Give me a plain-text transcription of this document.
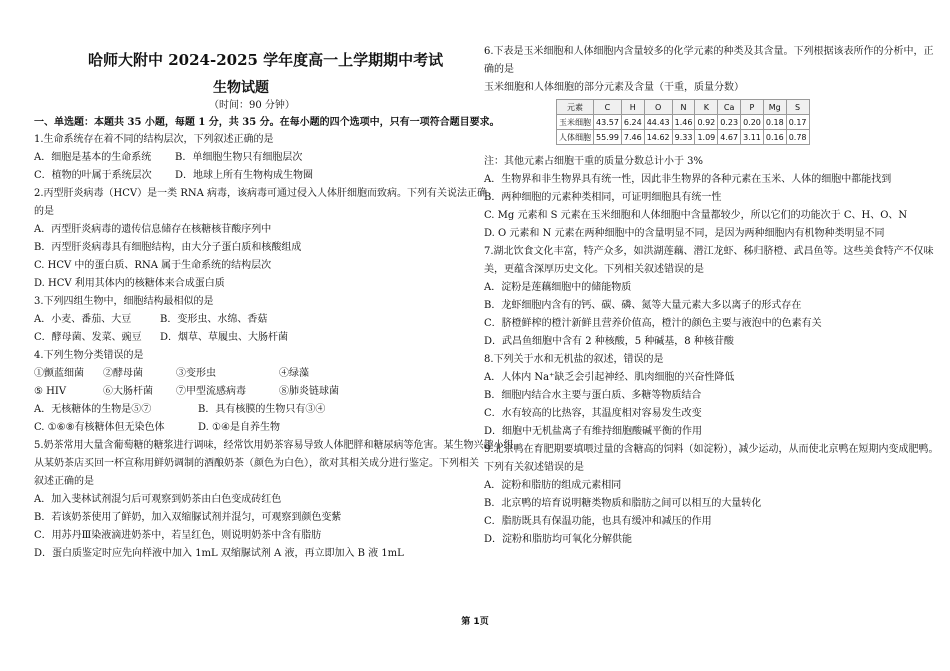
哈师大附中 2024-2025 学年度高一上学期期中考试
生物试题
（时间：90 分钟）
一、单选题：本题共 35 小题，每题 1 分，共 35 分。在每小题的四个选项中，只有一项符合题目要求。
1.生命系统存在着不同的结构层次，下列叙述正确的是
A．细胞是基本的生命系统 B．单细胞生物只有细胞层次
C．植物的叶属于系统层次 D．地球上所有生物构成生物圈
2.丙型肝炎病毒（HCV）是一类 RNA 病毒，该病毒可通过侵入人体肝细胞而致病。下列有关说法正确
的是
A．丙型肝炎病毒的遗传信息储存在核糖核苷酸序列中
B．丙型肝炎病毒具有细胞结构，由大分子蛋白质和核酸组成
C. HCV 中的蛋白质、RNA 属于生命系统的结构层次
D. HCV 利用其体内的核糖体来合成蛋白质
3.下列四组生物中，细胞结构最相似的是
A．小麦、番茄、大豆	B．变形虫、水绵、香菇
C．酵母菌、发菜、豌豆 D．烟草、草履虫、大肠杆菌
4.下列生物分类错误的是
①颤蓝细菌 ②酵母菌	③变形虫	④绿藻
⑤ HIV	⑥大肠杆菌 ⑦甲型流感病毒	⑧肺炎链球菌
A．无核糖体的生物是⑤⑦	B．具有核膜的生物只有③④
C. ①⑥⑧有核糖体但无染色体	D. ①④是自养生物
5.奶茶常用大量含葡萄糖的糖浆进行调味，经常饮用奶茶容易导致人体肥胖和糖尿病等危害。某生物兴趣小组
从某奶茶店买回一杯宣称用鲜奶调制的酒酿奶茶（颜色为白色），欲对其相关成分进行鉴定。下列相关
叙述正确的是
A．加入斐林试剂混匀后可观察到奶茶由白色变成砖红色
B．若该奶茶使用了鲜奶，加入双缩脲试剂并混匀，可观察到颜色变紫
C．用苏丹Ⅲ染液滴进奶茶中，若呈红色，则说明奶茶中含有脂肪
D．蛋白质鉴定时应先向样液中加入 1mL 双缩脲试剂 A 液，再立即加入 B 液 1mL
6.下表是玉米细胞和人体细胞内含量较多的化学元素的种类及其含量。下列根据该表所作的分析中，正
确的是
玉米细胞和人体细胞的部分元素及含量（干重，质量分数）
元素	C	H	O	N	K	Ca	P	Mg	S
玉米细胞	43.57	6.24	44.43	1.46	0.92	0.23	0.20	0.18	0.17
人体细胞	55.99	7.46	14.62	9.33	1.09	4.67	3.11	0.16	0.78
注：其他元素占细胞干重的质量分数总计小于 3%
A．生物界和非生物界具有统一性，因此非生物界的各种元素在玉米、人体的细胞中都能找到
B．两种细胞的元素种类相同，可证明细胞具有统一性
C. Mg 元素和 S 元素在玉米细胞和人体细胞中含量都较少，所以它们的功能次于 C、H、O、N
D. O 元素和 N 元素在两种细胞中的含量明显不同，是因为两种细胞内有机物种类明显不同
7.湖北饮食文化丰富，特产众多，如洪湖莲藕、潜江龙虾、秭归脐橙、武昌鱼等。这些美食特产不仅味
美，更蕴含深厚历史文化。下列相关叙述错误的是
A．淀粉是莲藕细胞中的储能物质
B．龙虾细胞内含有的钙、碳、磷、氮等大量元素大多以离子的形式存在
C．脐橙鲜榨的橙汁新鲜且营养价值高，橙汁的颜色主要与液泡中的色素有关
D．武昌鱼细胞中含有 2 种核酸，5 种碱基，8 种核苷酸
8.下列关于水和无机盐的叙述，错误的是
A．人体内 Na⁺缺乏会引起神经、肌肉细胞的兴奋性降低
B．细胞内结合水主要与蛋白质、多糖等物质结合
C．水有较高的比热容，其温度相对容易发生改变
D．细胞中无机盐离子有维持细胞酸碱平衡的作用
9.北京鸭在育肥期要填喂过量的含糖高的饲料（如淀粉），减少运动，从而使北京鸭在短期内变成肥鸭。
下列有关叙述错误的是
A．淀粉和脂肪的组成元素相同
B．北京鸭的培育说明糖类物质和脂肪之间可以相互的大量转化
C．脂肪既具有保温功能，也具有缓冲和减压的作用
D．淀粉和脂肪均可氧化分解供能
第 1页
